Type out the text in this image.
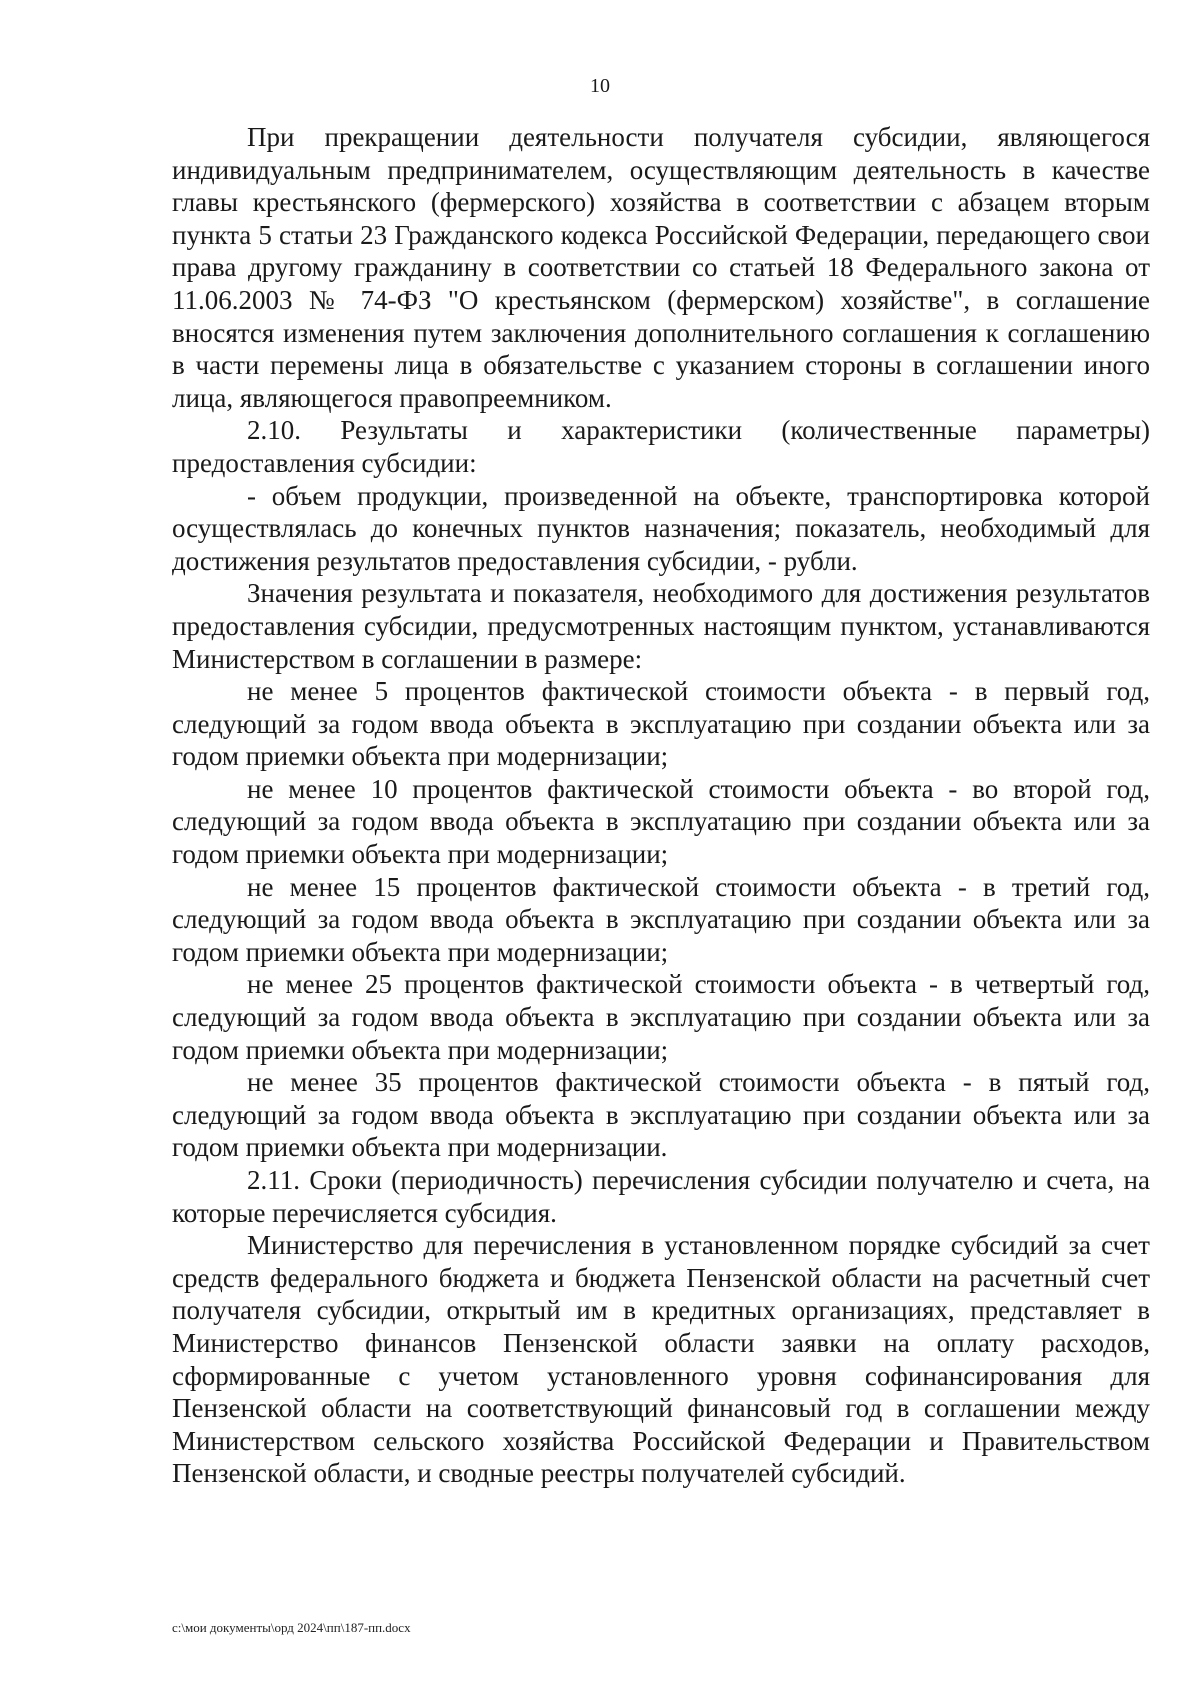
10

При прекращении деятельности получателя субсидии, являющегося индивидуальным предпринимателем, осуществляющим деятельность в качестве главы крестьянского (фермерского) хозяйства в соответствии с абзацем вторым пункта 5 статьи 23 Гражданского кодекса Российской Федерации, передающего свои права другому гражданину в соответствии со статьей 18 Федерального закона от 11.06.2003 № 74-ФЗ "О крестьянском (фермерском) хозяйстве", в соглашение вносятся изменения путем заключения дополнительного соглашения к соглашению в части перемены лица в обязательстве с указанием стороны в соглашении иного лица, являющегося правопреемником.

2.10. Результаты и характеристики (количественные параметры) предоставления субсидии:

- объем продукции, произведенной на объекте, транспортировка которой осуществлялась до конечных пунктов назначения; показатель, необходимый для достижения результатов предоставления субсидии, - рубли.

Значения результата и показателя, необходимого для достижения результатов предоставления субсидии, предусмотренных настоящим пунктом, устанавливаются Министерством в соглашении в размере:

не менее 5 процентов фактической стоимости объекта - в первый год, следующий за годом ввода объекта в эксплуатацию при создании объекта или за годом приемки объекта при модернизации;

не менее 10 процентов фактической стоимости объекта - во второй год, следующий за годом ввода объекта в эксплуатацию при создании объекта или за годом приемки объекта при модернизации;

не менее 15 процентов фактической стоимости объекта - в третий год, следующий за годом ввода объекта в эксплуатацию при создании объекта или за годом приемки объекта при модернизации;

не менее 25 процентов фактической стоимости объекта - в четвертый год, следующий за годом ввода объекта в эксплуатацию при создании объекта или за годом приемки объекта при модернизации;

не менее 35 процентов фактической стоимости объекта - в пятый год, следующий за годом ввода объекта в эксплуатацию при создании объекта или за годом приемки объекта при модернизации.

2.11. Сроки (периодичность) перечисления субсидии получателю и счета, на которые перечисляется субсидия.

Министерство для перечисления в установленном порядке субсидий за счет средств федерального бюджета и бюджета Пензенской области на расчетный счет получателя субсидии, открытый им в кредитных организациях, представляет в Министерство финансов Пензенской области заявки на оплату расходов, сформированные с учетом установленного уровня софинансирования для Пензенской области на соответствующий финансовый год в соглашении между Министерством сельского хозяйства Российской Федерации и Правительством Пензенской области, и сводные реестры получателей субсидий.

c:\мои документы\орд 2024\пп\187-пп.docx
